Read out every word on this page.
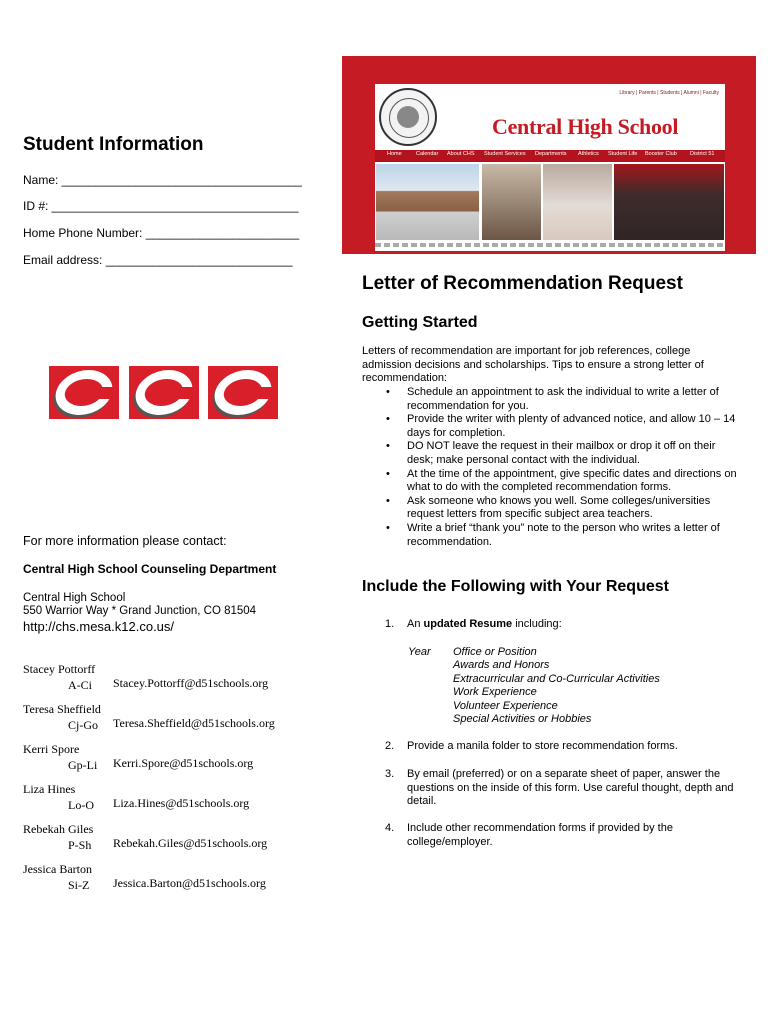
Student Information
Name: ____________________________________
ID #: _____________________________________
Home Phone Number: _______________________
Email address: ____________________________
For more information please contact:
Central High School Counseling Department
Central High School
550 Warrior Way * Grand Junction, CO 81504
http://chs.mesa.k12.co.us/
Stacey Pottorff
A-Ci Stacey.Pottorff@d51schools.org
Teresa Sheffield
Cj-Go Teresa.Sheffield@d51schools.org
Kerri Spore
Gp-Li Kerri.Spore@d51schools.org
Liza Hines
Lo-O Liza.Hines@d51schools.org
Rebekah Giles
P-Sh Rebekah.Giles@d51schools.org
Jessica Barton
Si-Z Jessica.Barton@d51schools.org
Library | Parents | Students | Alumni | Faculty
Central High School
Home	Calendar About CHS Student Services Departments Athletics Student Life Booster Club District 51
Letter of Recommendation Request
Getting Started
Letters of recommendation are important for job references, college admission decisions and scholarships. Tips to ensure a strong letter of recommendation:
• Schedule an appointment to ask the individual to write a letter of recommendation for you.
• Provide the writer with plenty of advanced notice, and allow 10 – 14 days for completion.
• DO NOT leave the request in their mailbox or drop it off on their desk; make personal contact with the individual.
• At the time of the appointment, give specific dates and directions on what to do with the completed recommendation forms.
• Ask someone who knows you well. Some colleges/universities request letters from specific subject area teachers.
• Write a brief “thank you” note to the person who writes a letter of recommendation.
Include the Following with Your Request
1. An updated Resume including:
Year Office or Position
Awards and Honors
Extracurricular and Co-Curricular Activities
Work Experience
Volunteer Experience
Special Activities or Hobbies
2. Provide a manila folder to store recommendation forms.
3. By email (preferred) or on a separate sheet of paper, answer the questions on the inside of this form. Use careful thought, depth and detail.
4. Include other recommendation forms if provided by the college/employer.
